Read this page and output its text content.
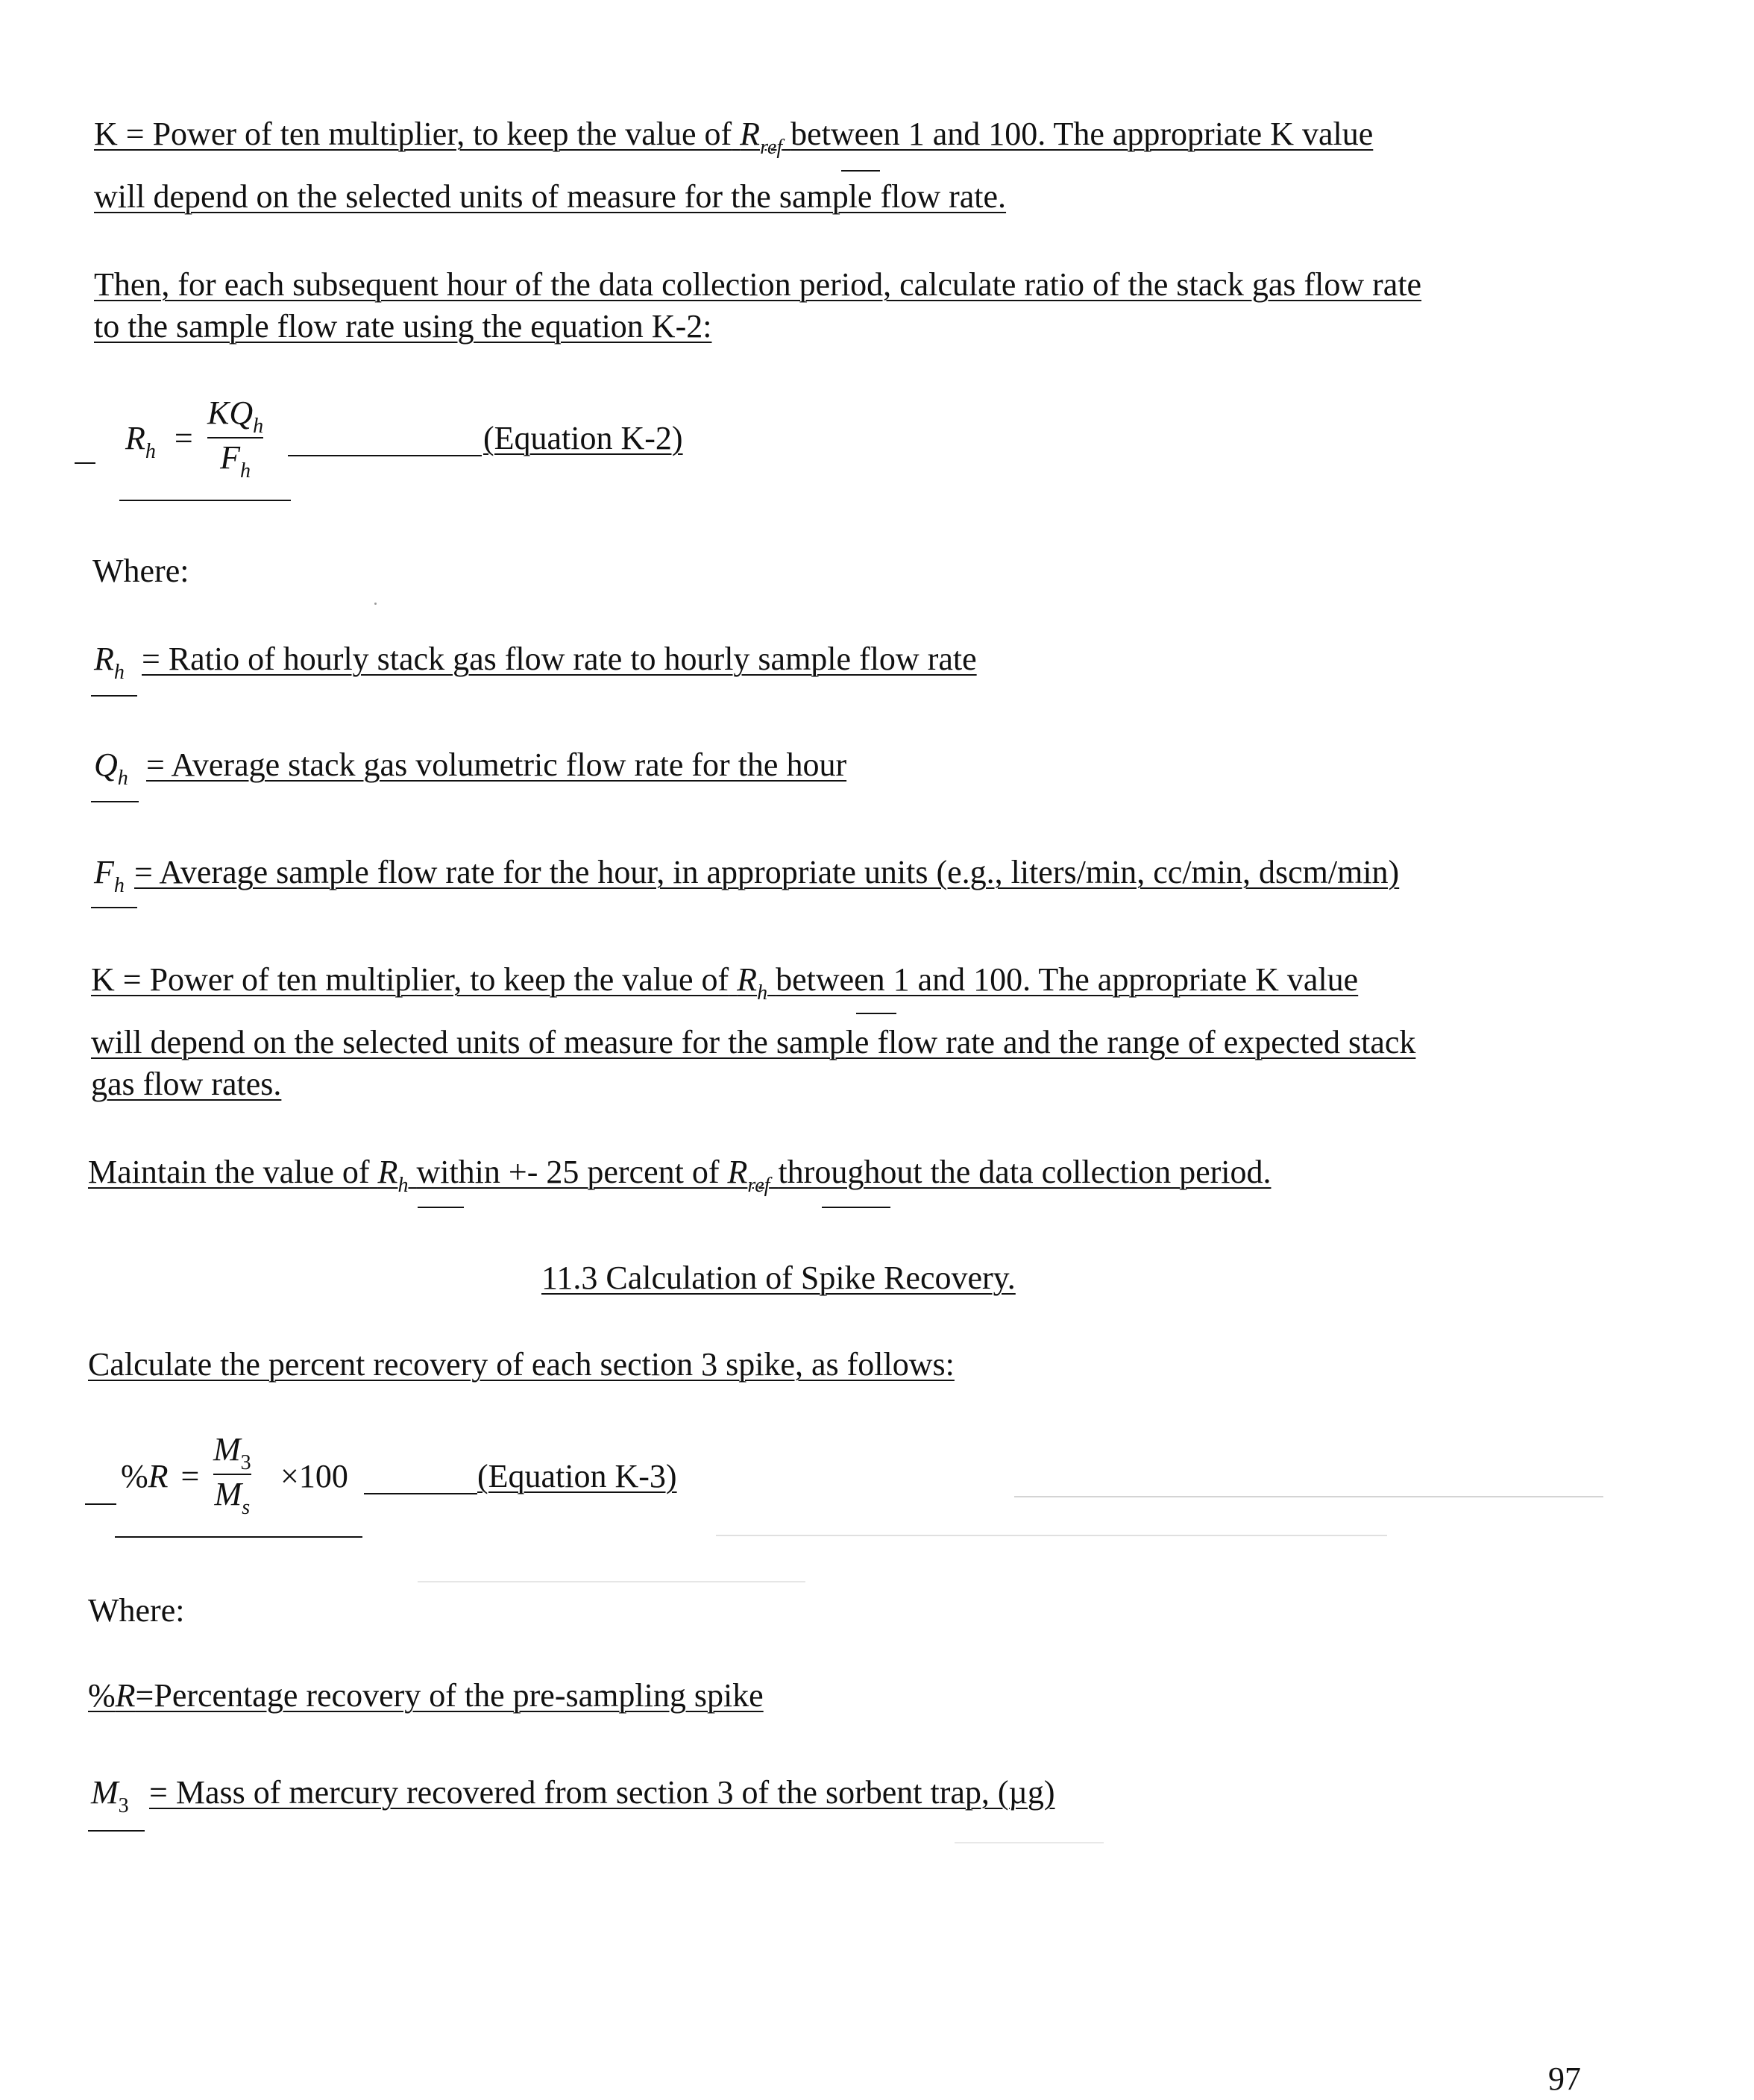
K = Power of ten multiplier, to keep the value of $R_{ref}$ between 1 and 100. The appropriate K value
will depend on the selected units of measure for the sample flow rate.
Then, for each subsequent hour of the data collection period, calculate ratio of the stack gas flow rate
to the sample flow rate using the equation K-2:
$R_h$ =
$KQ_h$
$F_h$
(Equation K-2)
Where:
$R_h$ = Ratio of hourly stack gas flow rate to hourly sample flow rate
$Q_h$ = Average stack gas volumetric flow rate for the hour
$F_h$ = Average sample flow rate for the hour, in appropriate units (e.g., liters/min, cc/min, dscm/min)
K = Power of ten multiplier, to keep the value of $R_h$ between 1 and 100. The appropriate K value
will depend on the selected units of measure for the sample flow rate and the range of expected stack
gas flow rates.
Maintain the value of $R_h$ within +- 25 percent of $R_{ref}$ throughout the data collection period.
11.3 Calculation of Spike Recovery.
Calculate the percent recovery of each section 3 spike, as follows:
%R =
$M_3$
$M_s$
×100	(Equation K-3)
Where:
%R=Percentage recovery of the pre-sampling spike
$M_3$ = Mass of mercury recovered from section 3 of the sorbent trap, (µg)
97
